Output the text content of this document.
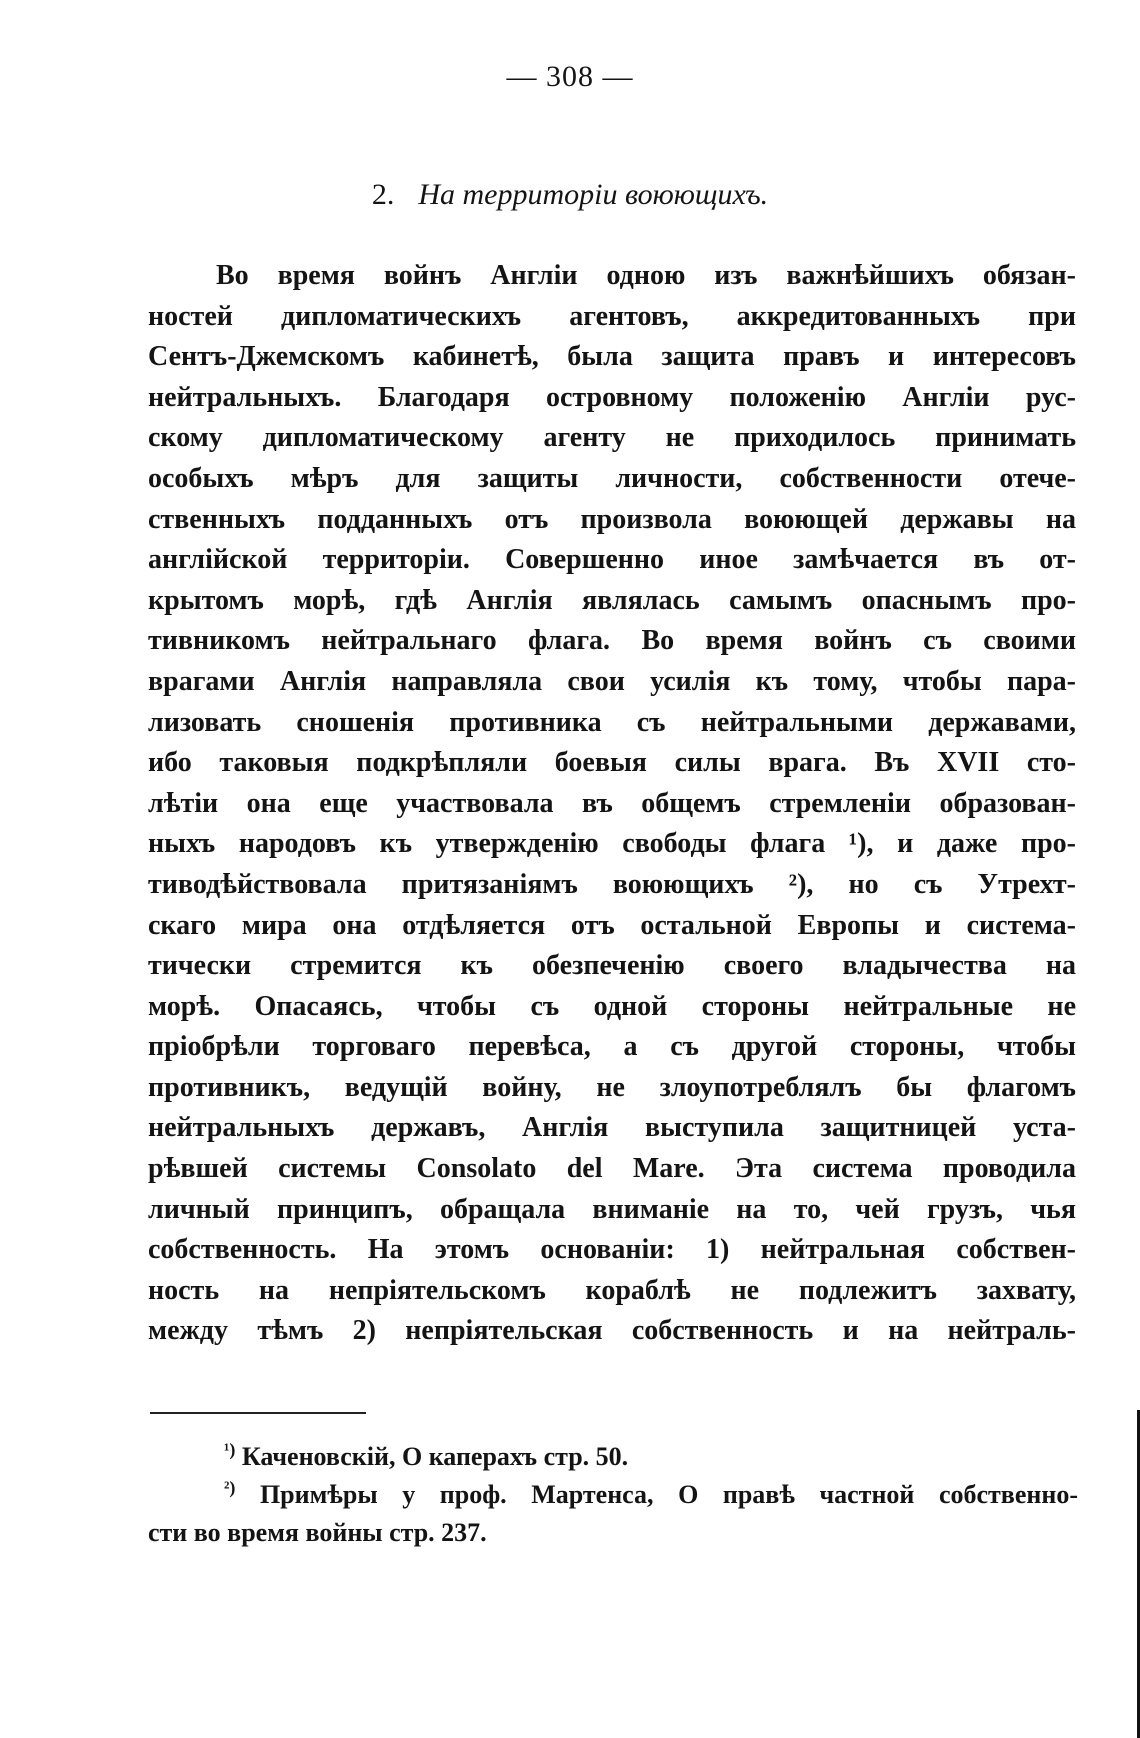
— 308 —
2. На территоріи воюющихъ.
Во время войнъ Англіи одною изъ важнѣйшихъ обязан-
ностей дипломатическихъ агентовъ, аккредитованныхъ при
Сентъ-Джемскомъ кабинетѣ, была защита правъ и интересовъ
нейтральныхъ. Благодаря островному положенію Англіи рус-
скому дипломатическому агенту не приходилось принимать
особыхъ мѣръ для защиты личности, собственности отече-
ственныхъ подданныхъ отъ произвола воюющей державы на
англійской территоріи. Совершенно иное замѣчается въ от-
крытомъ морѣ, гдѣ Англія являлась самымъ опаснымъ про-
тивникомъ нейтральнаго флага. Во время войнъ съ своими
врагами Англія направляла свои усилія къ тому, чтобы пара-
лизовать сношенія противника съ нейтральными державами,
ибо таковыя подкрѣпляли боевыя силы врага. Въ XVII сто-
лѣтіи она еще участвовала въ общемъ стремленіи образован-
ныхъ народовъ къ утвержденію свободы флага ¹), и даже про-
тиводѣйствовала притязаніямъ воюющихъ ²), но съ Утрехт-
скаго мира она отдѣляется отъ остальной Европы и система-
тически стремится къ обезпеченію своего владычества на
морѣ. Опасаясь, чтобы съ одной стороны нейтральные не
пріобрѣли торговаго перевѣса, а съ другой стороны, чтобы
противникъ, ведущій войну, не злоупотреблялъ бы флагомъ
нейтральныхъ державъ, Англія выступила защитницей уста-
рѣвшей системы Consolato del Mare. Эта система проводила
личный принципъ, обращала вниманіе на то, чей грузъ, чья
собственность. На этомъ основаніи: 1) нейтральная собствен-
ность на непріятельскомъ кораблѣ не подлежитъ захвату,
между тѣмъ 2) непріятельская собственность и на нейтраль-
$^{^1)}$ Каченовскій, О каперахъ стр. 50.
$^{^2)}$ Примѣры у проф. Мартенса, О правѣ частной собственно-
сти во время войны стр. 237.
